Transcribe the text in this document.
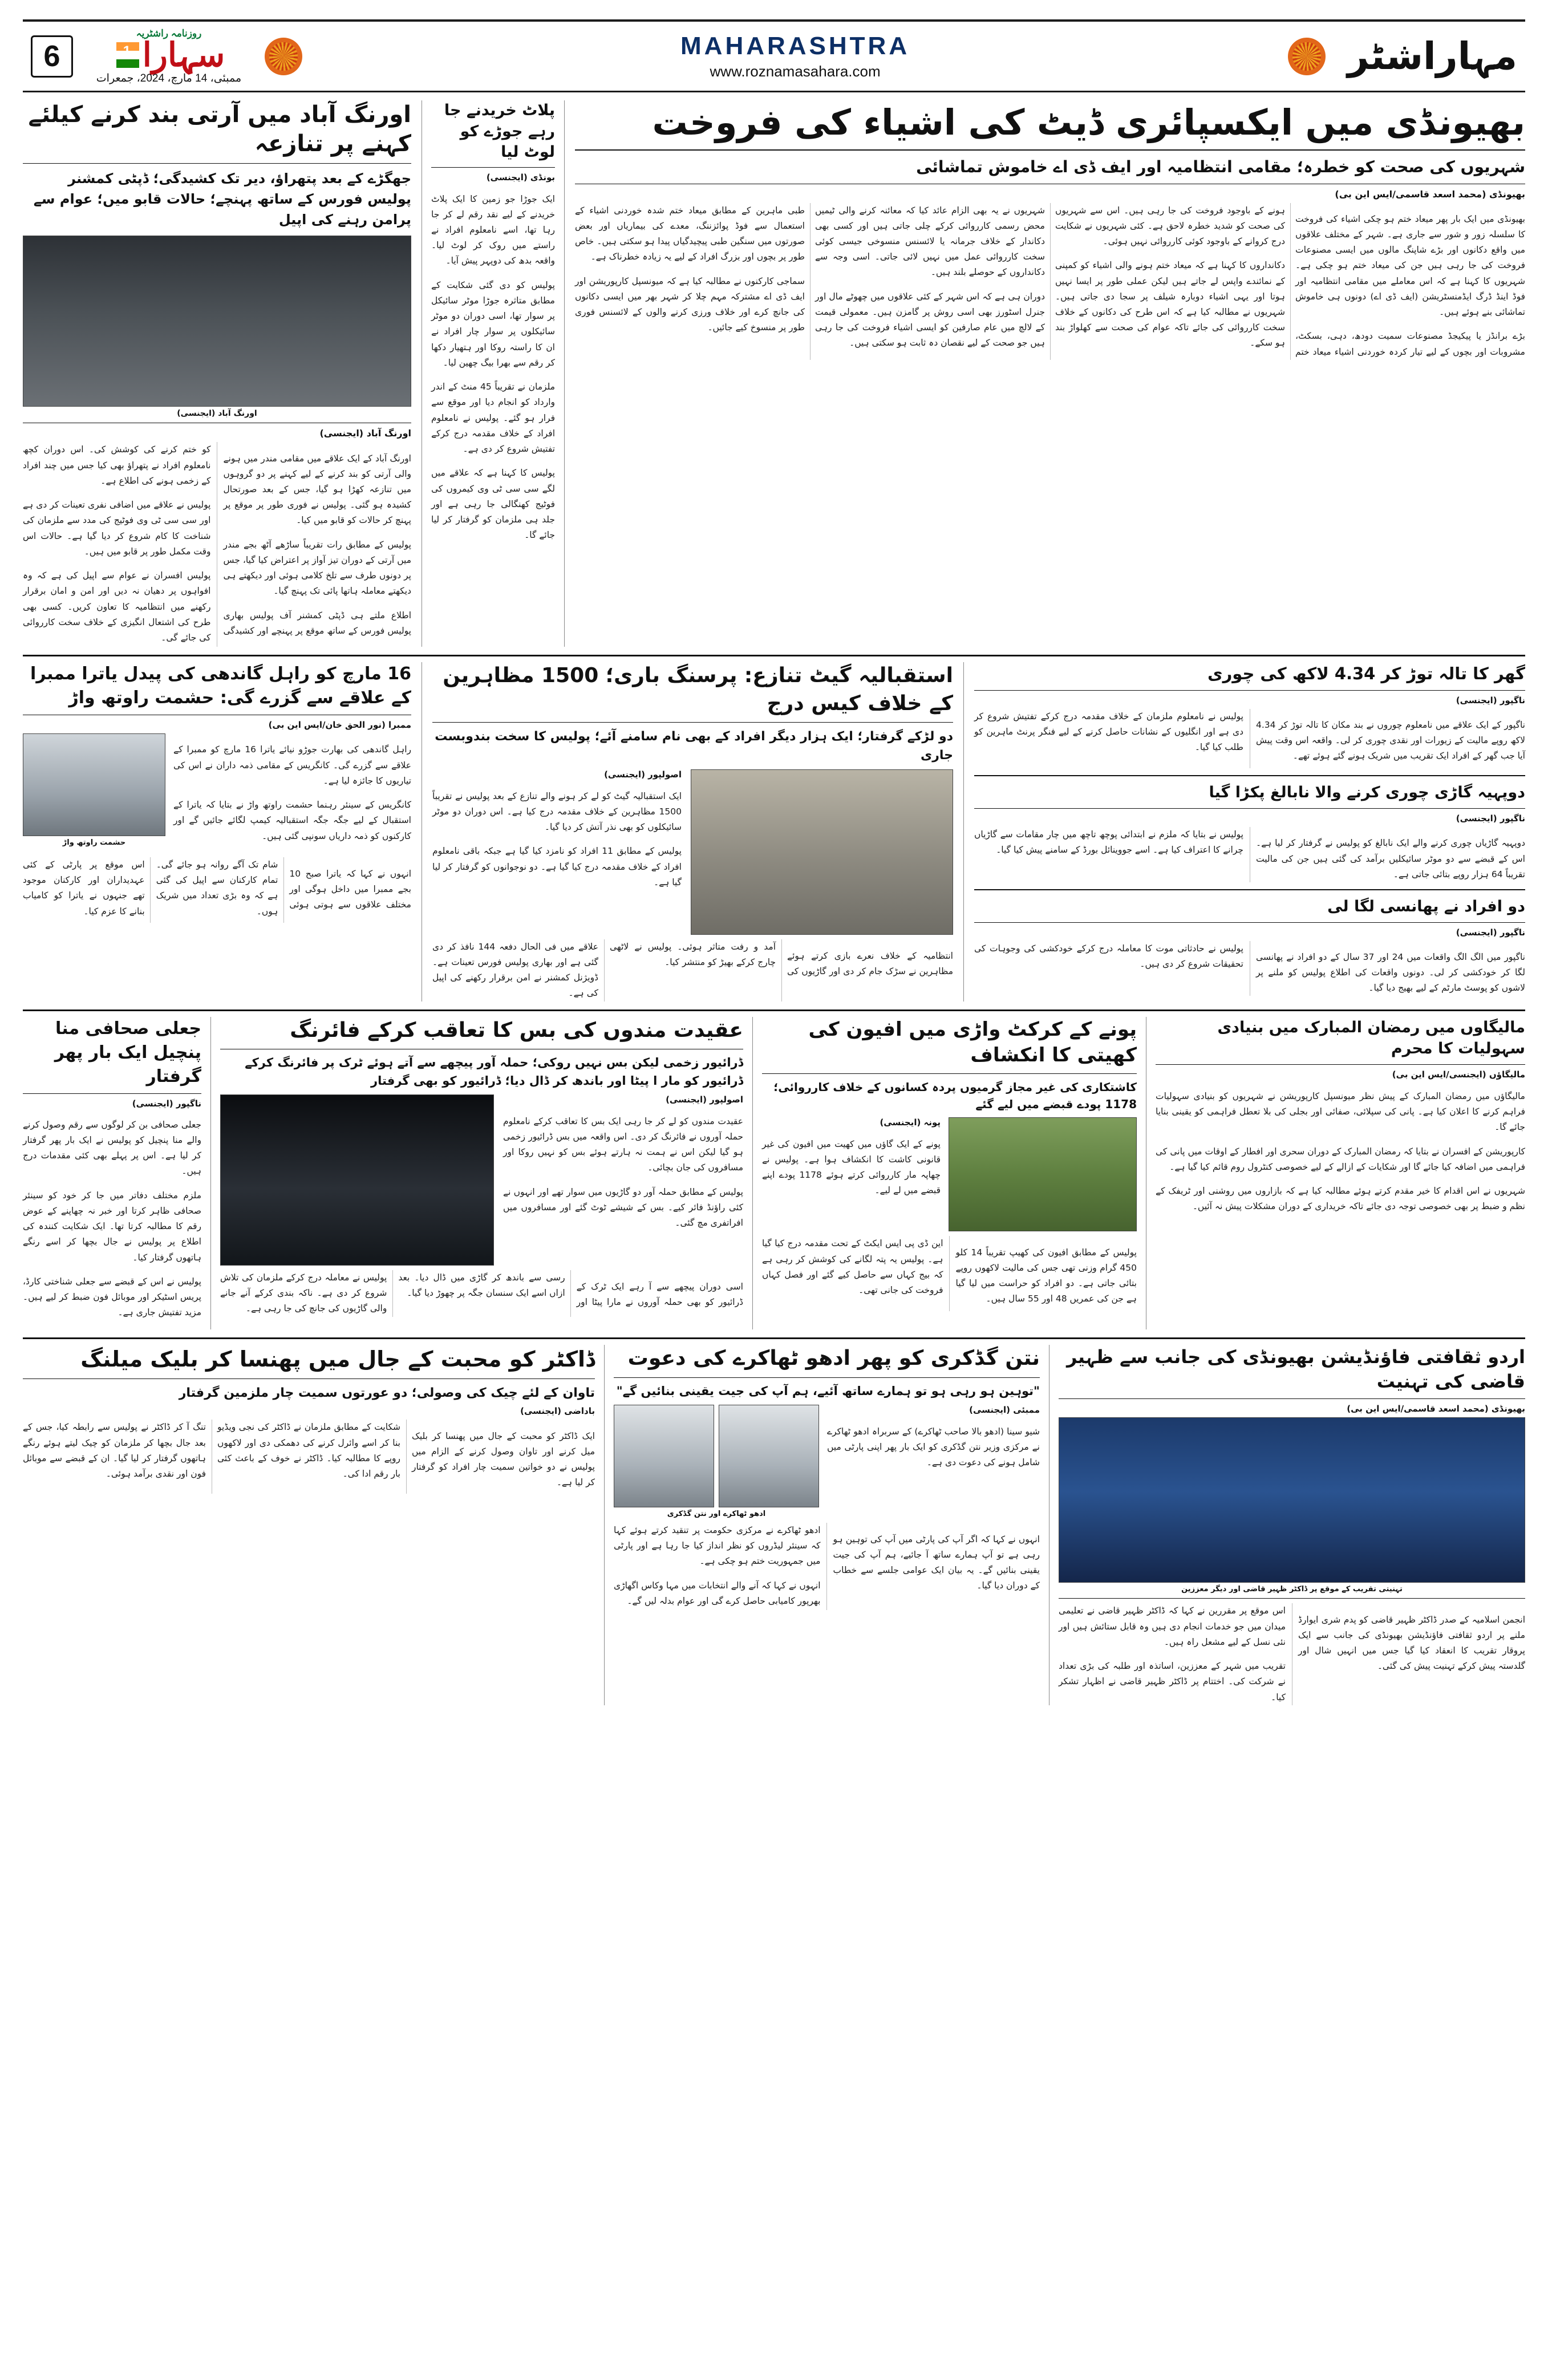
6
روزنامہ راشٹریہ
1 سہارا
ممبئی، 14 مارچ، 2024، جمعرات
MAHARASHTRA
www.roznamasahara.com	مہاراشٹر
اورنگ آباد میں آرتی بند کرنے کیلئے کہنے پر تنازعہ
جھگڑے کے بعد پتھراؤ، دیر تک کشیدگی؛ ڈپٹی کمشنر پولیس فورس کے ساتھ پہنچے؛ حالات قابو میں؛ عوام سے پرامن رہنے کی اپیل
اورنگ آباد (ایجنسی)
اورنگ آباد (ایجنسی)

اورنگ آباد کے ایک علاقے میں مقامی مندر میں ہونے والی آرتی کو بند کرنے کے لیے کہنے پر دو گروہوں میں تنازعہ کھڑا ہو گیا، جس کے بعد صورتحال کشیدہ ہو گئی۔ پولیس نے فوری طور پر موقع پر پہنچ کر حالات کو قابو میں کیا۔

پولیس کے مطابق رات تقریباً ساڑھے آٹھ بجے مندر میں آرتی کے دوران تیز آواز پر اعتراض کیا گیا، جس پر دونوں طرف سے تلخ کلامی ہوئی اور دیکھتے ہی دیکھتے معاملہ ہاتھا پائی تک پہنچ گیا۔

اطلاع ملتے ہی ڈپٹی کمشنر آف پولیس بھاری پولیس فورس کے ساتھ موقع پر پہنچے اور کشیدگی کو ختم کرنے کی کوشش کی۔ اس دوران کچھ نامعلوم افراد نے پتھراؤ بھی کیا جس میں چند افراد کے زخمی ہونے کی اطلاع ہے۔

پولیس نے علاقے میں اضافی نفری تعینات کر دی ہے اور سی سی ٹی وی فوٹیج کی مدد سے ملزمان کی شناخت کا کام شروع کر دیا گیا ہے۔ حالات اس وقت مکمل طور پر قابو میں ہیں۔

پولیس افسران نے عوام سے اپیل کی ہے کہ وہ افواہوں پر دھیان نہ دیں اور امن و امان برقرار رکھنے میں انتظامیہ کا تعاون کریں۔ کسی بھی طرح کی اشتعال انگیزی کے خلاف سخت کارروائی کی جائے گی۔

پلاٹ خریدنے جا رہے جوڑے کو لوٹ لیا
بونڈی (ایجنسی)

ایک جوڑا جو زمین کا ایک پلاٹ خریدنے کے لیے نقد رقم لے کر جا رہا تھا، اسے نامعلوم افراد نے راستے میں روک کر لوٹ لیا۔ واقعہ بدھ کی دوپہر پیش آیا۔

پولیس کو دی گئی شکایت کے مطابق متاثرہ جوڑا موٹر سائیکل پر سوار تھا، اسی دوران دو موٹر سائیکلوں پر سوار چار افراد نے ان کا راستہ روکا اور ہتھیار دکھا کر رقم سے بھرا بیگ چھین لیا۔

ملزمان نے تقریباً 45 منٹ کے اندر وارداد کو انجام دیا اور موقع سے فرار ہو گئے۔ پولیس نے نامعلوم افراد کے خلاف مقدمہ درج کرکے تفتیش شروع کر دی ہے۔

پولیس کا کہنا ہے کہ علاقے میں لگے سی سی ٹی وی کیمروں کی فوٹیج کھنگالی جا رہی ہے اور جلد ہی ملزمان کو گرفتار کر لیا جائے گا۔

بھیونڈی میں ایکسپائری ڈیٹ کی اشیاء کی فروخت
شہریوں کی صحت کو خطرہ؛ مقامی انتظامیہ اور ایف ڈی اے خاموش تماشائی
بھیونڈی (محمد اسعد قاسمی/ایس این بی)

بھیونڈی میں ایک بار پھر میعاد ختم ہو چکی اشیاء کی فروخت کا سلسلہ زور و شور سے جاری ہے۔ شہر کے مختلف علاقوں میں واقع دکانوں اور بڑے شاپنگ مالوں میں ایسی مصنوعات فروخت کی جا رہی ہیں جن کی میعاد ختم ہو چکی ہے۔ شہریوں کا کہنا ہے کہ اس معاملے میں مقامی انتظامیہ اور فوڈ اینڈ ڈرگ ایڈمنسٹریشن (ایف ڈی اے) دونوں ہی خاموش تماشائی بنے ہوئے ہیں۔

بڑے برانڈز یا پیکیجڈ مصنوعات سمیت دودھ، دہی، بسکٹ، مشروبات اور بچوں کے لیے تیار کردہ خوردنی اشیاء میعاد ختم ہونے کے باوجود فروخت کی جا رہی ہیں۔ اس سے شہریوں کی صحت کو شدید خطرہ لاحق ہے۔ کئی شہریوں نے شکایت درج کروانے کے باوجود کوئی کارروائی نہیں ہوئی۔

دکانداروں کا کہنا ہے کہ میعاد ختم ہونے والی اشیاء کو کمپنی کے نمائندے واپس لے جاتے ہیں لیکن عملی طور پر ایسا نہیں ہوتا اور یہی اشیاء دوبارہ شیلف پر سجا دی جاتی ہیں۔ شہریوں نے مطالبہ کیا ہے کہ اس طرح کی دکانوں کے خلاف سخت کارروائی کی جائے تاکہ عوام کی صحت سے کھلواڑ بند ہو سکے۔

شہریوں نے یہ بھی الزام عائد کیا کہ معائنہ کرنے والی ٹیمیں محض رسمی کارروائی کرکے چلی جاتی ہیں اور کسی بھی دکاندار کے خلاف جرمانہ یا لائسنس منسوخی جیسی کوئی سخت کارروائی عمل میں نہیں لائی جاتی۔ اسی وجہ سے دکانداروں کے حوصلے بلند ہیں۔

دوران ہی ہے کہ اس شہر کے کئی علاقوں میں چھوٹے مال اور جنرل اسٹورز بھی اسی روش پر گامزن ہیں۔ معمولی قیمت کے لالچ میں عام صارفین کو ایسی اشیاء فروخت کی جا رہی ہیں جو صحت کے لیے نقصان دہ ثابت ہو سکتی ہیں۔

طبی ماہرین کے مطابق میعاد ختم شدہ خوردنی اشیاء کے استعمال سے فوڈ پوائزننگ، معدے کی بیماریاں اور بعض صورتوں میں سنگین طبی پیچیدگیاں پیدا ہو سکتی ہیں۔ خاص طور پر بچوں اور بزرگ افراد کے لیے یہ زیادہ خطرناک ہے۔

سماجی کارکنوں نے مطالبہ کیا ہے کہ میونسپل کارپوریشن اور ایف ڈی اے مشترکہ مہم چلا کر شہر بھر میں ایسی دکانوں کی جانچ کرے اور خلاف ورزی کرنے والوں کے لائسنس فوری طور پر منسوخ کیے جائیں۔

16 مارچ کو راہل گاندھی کی پیدل یاترا ممبرا کے علاقے سے گزرے گی: حشمت راوتھ واڑ
ممبرا (نور الحق خان/ایس این بی)
حشمت راوتھ واڑ

راہل گاندھی کی بھارت جوڑو نیائے یاترا 16 مارچ کو ممبرا کے علاقے سے گزرے گی۔ کانگریس کے مقامی ذمہ داران نے اس کی تیاریوں کا جائزہ لیا ہے۔

کانگریس کے سینئر رہنما حشمت راوتھ واڑ نے بتایا کہ یاترا کے استقبال کے لیے جگہ جگہ استقبالیہ کیمپ لگائے جائیں گے اور کارکنوں کو ذمہ داریاں سونپی گئی ہیں۔

انہوں نے کہا کہ یاترا صبح 10 بجے ممبرا میں داخل ہوگی اور مختلف علاقوں سے ہوتی ہوئی شام تک آگے روانہ ہو جائے گی۔ تمام کارکنان سے اپیل کی گئی ہے کہ وہ بڑی تعداد میں شریک ہوں۔

اس موقع پر پارٹی کے کئی عہدیداران اور کارکنان موجود تھے جنہوں نے یاترا کو کامیاب بنانے کا عزم کیا۔

استقبالیہ گیٹ تنازع: پرسنگ باری؛ 1500 مظاہرین کے خلاف کیس درج
دو لڑکے گرفتار؛ ایک ہزار دیگر افراد کے بھی نام سامنے آئے؛ پولیس کا سخت بندوبست جاری
اصولپور (ایجنسی)

ایک استقبالیہ گیٹ کو لے کر ہونے والے تنازع کے بعد پولیس نے تقریباً 1500 مظاہرین کے خلاف مقدمہ درج کیا ہے۔ اس دوران دو موٹر سائیکلوں کو بھی نذر آتش کر دیا گیا۔

پولیس کے مطابق 11 افراد کو نامزد کیا گیا ہے جبکہ باقی نامعلوم افراد کے خلاف مقدمہ درج کیا گیا ہے۔ دو نوجوانوں کو گرفتار کر لیا گیا ہے۔

انتظامیہ کے خلاف نعرے بازی کرتے ہوئے مظاہرین نے سڑک جام کر دی اور گاڑیوں کی آمد و رفت متاثر ہوئی۔ پولیس نے لاٹھی چارج کرکے بھیڑ کو منتشر کیا۔

علاقے میں فی الحال دفعہ 144 نافذ کر دی گئی ہے اور بھاری پولیس فورس تعینات ہے۔ ڈویژنل کمشنر نے امن برقرار رکھنے کی اپیل کی ہے۔

گھر کا تالہ توڑ کر 4.34 لاکھ کی چوری
ناگپور (ایجنسی)

ناگپور کے ایک علاقے میں نامعلوم چوروں نے بند مکان کا تالہ توڑ کر 4.34 لاکھ روپے مالیت کے زیورات اور نقدی چوری کر لی۔ واقعہ اس وقت پیش آیا جب گھر کے افراد ایک تقریب میں شریک ہونے گئے ہوئے تھے۔

پولیس نے نامعلوم ملزمان کے خلاف مقدمہ درج کرکے تفتیش شروع کر دی ہے اور انگلیوں کے نشانات حاصل کرنے کے لیے فنگر پرنٹ ماہرین کو طلب کیا گیا۔

دوپہیہ گاڑی چوری کرنے والا نابالغ پکڑا گیا
ناگپور (ایجنسی)

دوپہیہ گاڑیاں چوری کرنے والے ایک نابالغ کو پولیس نے گرفتار کر لیا ہے۔ اس کے قبضے سے دو موٹر سائیکلیں برآمد کی گئی ہیں جن کی مالیت تقریباً 64 ہزار روپے بتائی جاتی ہے۔

پولیس نے بتایا کہ ملزم نے ابتدائی پوچھ تاچھ میں چار مقامات سے گاڑیاں چرانے کا اعتراف کیا ہے۔ اسے جووینائل بورڈ کے سامنے پیش کیا گیا۔

دو افراد نے پھانسی لگا لی
ناگپور (ایجنسی)

ناگپور میں الگ الگ واقعات میں 24 اور 37 سال کے دو افراد نے پھانسی لگا کر خودکشی کر لی۔ دونوں واقعات کی اطلاع پولیس کو ملنے پر لاشوں کو پوسٹ مارٹم کے لیے بھیج دیا گیا۔

پولیس نے حادثاتی موت کا معاملہ درج کرکے خودکشی کی وجوہات کی تحقیقات شروع کر دی ہیں۔

جعلی صحافی منا پنچیل ایک بار پھر گرفتار
ناگپور (ایجنسی)

جعلی صحافی بن کر لوگوں سے رقم وصول کرنے والے منا پنچیل کو پولیس نے ایک بار پھر گرفتار کر لیا ہے۔ اس پر پہلے بھی کئی مقدمات درج ہیں۔

ملزم مختلف دفاتر میں جا کر خود کو سینئر صحافی ظاہر کرتا اور خبر نہ چھاپنے کے عوض رقم کا مطالبہ کرتا تھا۔ ایک شکایت کنندہ کی اطلاع پر پولیس نے جال بچھا کر اسے رنگے ہاتھوں گرفتار کیا۔

پولیس نے اس کے قبضے سے جعلی شناختی کارڈ، پریس اسٹیکر اور موبائل فون ضبط کر لیے ہیں۔ مزید تفتیش جاری ہے۔

عقیدت مندوں کی بس کا تعاقب کرکے فائرنگ
ڈرائیور زخمی لیکن بس نہیں روکی؛ حملہ آور پیچھے سے آتے ہوئے ٹرک پر فائرنگ کرکے ڈرائیور کو مار ا پیٹا اور باندھ کر ڈال دیا؛ ڈرائیور کو بھی گرفتار
اصولپور (ایجنسی)

عقیدت مندوں کو لے کر جا رہی ایک بس کا تعاقب کرکے نامعلوم حملہ آوروں نے فائرنگ کر دی۔ اس واقعہ میں بس ڈرائیور زخمی ہو گیا لیکن اس نے ہمت نہ ہارتے ہوئے بس کو نہیں روکا اور مسافروں کی جان بچائی۔

پولیس کے مطابق حملہ آور دو گاڑیوں میں سوار تھے اور انہوں نے کئی راؤنڈ فائر کیے۔ بس کے شیشے ٹوٹ گئے اور مسافروں میں افراتفری مچ گئی۔

اسی دوران پیچھے سے آ رہے ایک ٹرک کے ڈرائیور کو بھی حملہ آوروں نے مارا پیٹا اور رسی سے باندھ کر گاڑی میں ڈال دیا۔ بعد ازاں اسے ایک سنسان جگہ پر چھوڑ دیا گیا۔

پولیس نے معاملہ درج کرکے ملزمان کی تلاش شروع کر دی ہے۔ ناکہ بندی کرکے آنے جانے والی گاڑیوں کی جانچ کی جا رہی ہے۔

پونے کے کرکٹ واڑی میں افیون کی کھیتی کا انکشاف
کاشتکاری کی غیر مجاز گرمیوں پردہ کسانوں کے خلاف کارروائی؛ 1178 پودے قبضے میں لیے گئے
پونہ (ایجنسی)

پونے کے ایک گاؤں میں کھیت میں افیون کی غیر قانونی کاشت کا انکشاف ہوا ہے۔ پولیس نے چھاپہ مار کارروائی کرتے ہوئے 1178 پودے اپنے قبضے میں لے لیے۔

پولیس کے مطابق افیون کی کھیپ تقریباً 14 کلو 450 گرام وزنی تھی جس کی مالیت لاکھوں روپے بتائی جاتی ہے۔ دو افراد کو حراست میں لیا گیا ہے جن کی عمریں 48 اور 55 سال ہیں۔

این ڈی پی ایس ایکٹ کے تحت مقدمہ درج کیا گیا ہے۔ پولیس یہ پتہ لگانے کی کوشش کر رہی ہے کہ بیج کہاں سے حاصل کیے گئے اور فصل کہاں فروخت کی جانی تھی۔

مالیگاوں میں رمضان المبارک میں بنیادی سہولیات کا محرم
مالیگاؤں (ایجنسی/ایس این بی)

مالیگاؤں میں رمضان المبارک کے پیش نظر میونسپل کارپوریشن نے شہریوں کو بنیادی سہولیات فراہم کرنے کا اعلان کیا ہے۔ پانی کی سپلائی، صفائی اور بجلی کی بلا تعطل فراہمی کو یقینی بنایا جائے گا۔

کارپوریشن کے افسران نے بتایا کہ رمضان المبارک کے دوران سحری اور افطار کے اوقات میں پانی کی فراہمی میں اضافہ کیا جائے گا اور شکایات کے ازالے کے لیے خصوصی کنٹرول روم قائم کیا گیا ہے۔

شہریوں نے اس اقدام کا خیر مقدم کرتے ہوئے مطالبہ کیا ہے کہ بازاروں میں روشنی اور ٹریفک کے نظم و ضبط پر بھی خصوصی توجہ دی جائے تاکہ خریداری کے دوران مشکلات پیش نہ آئیں۔

ڈاکٹر کو محبت کے جال میں پھنسا کر بلیک میلنگ
تاوان کے لئے چیک کی وصولی؛ دو عورتوں سمیت چار ملزمین گرفتار
باداضی (ایجنسی)

ایک ڈاکٹر کو محبت کے جال میں پھنسا کر بلیک میل کرنے اور تاوان وصول کرنے کے الزام میں پولیس نے دو خواتین سمیت چار افراد کو گرفتار کر لیا ہے۔

شکایت کے مطابق ملزمان نے ڈاکٹر کی نجی ویڈیو بنا کر اسے وائرل کرنے کی دھمکی دی اور لاکھوں روپے کا مطالبہ کیا۔ ڈاکٹر نے خوف کے باعث کئی بار رقم ادا کی۔

تنگ آ کر ڈاکٹر نے پولیس سے رابطہ کیا، جس کے بعد جال بچھا کر ملزمان کو چیک لیتے ہوئے رنگے ہاتھوں گرفتار کر لیا گیا۔ ان کے قبضے سے موبائل فون اور نقدی برآمد ہوئی۔

نتن گڈکری کو پھر ادھو ٹھاکرے کی دعوت
"توہین ہو رہی ہو تو ہمارے ساتھ آئیے، ہم آپ کی جیت یقینی بنائیں گے"
ادھو ٹھاکرے اور نتن گڈکری
ممبئی (ایجنسی)

شیو سینا (ادھو بالا صاحب ٹھاکرے) کے سربراہ ادھو ٹھاکرے نے مرکزی وزیر نتن گڈکری کو ایک بار پھر اپنی پارٹی میں شامل ہونے کی دعوت دی ہے۔

انہوں نے کہا کہ اگر آپ کی پارٹی میں آپ کی توہین ہو رہی ہے تو آپ ہمارے ساتھ آ جائیے، ہم آپ کی جیت یقینی بنائیں گے۔ یہ بیان ایک عوامی جلسے سے خطاب کے دوران دیا گیا۔

ادھو ٹھاکرے نے مرکزی حکومت پر تنقید کرتے ہوئے کہا کہ سینئر لیڈروں کو نظر انداز کیا جا رہا ہے اور پارٹی میں جمہوریت ختم ہو چکی ہے۔

انہوں نے کہا کہ آنے والے انتخابات میں مہا وکاس اگھاڑی بھرپور کامیابی حاصل کرے گی اور عوام بدلہ لیں گے۔

اردو ثقافتی فاؤنڈیشن بھیونڈی کی جانب سے ظہیر قاضی کی تہنیت
بھیونڈی (محمد اسعد قاسمی/ایس این بی)
تہنیتی تقریب کے موقع پر ڈاکٹر ظہیر قاضی اور دیگر معززین

انجمن اسلامیہ کے صدر ڈاکٹر ظہیر قاضی کو پدم شری ایوارڈ ملنے پر اردو ثقافتی فاؤنڈیشن بھیونڈی کی جانب سے ایک پروقار تقریب کا انعقاد کیا گیا جس میں انہیں شال اور گلدستہ پیش کرکے تہنیت پیش کی گئی۔

اس موقع پر مقررین نے کہا کہ ڈاکٹر ظہیر قاضی نے تعلیمی میدان میں جو خدمات انجام دی ہیں وہ قابل ستائش ہیں اور نئی نسل کے لیے مشعل راہ ہیں۔

تقریب میں شہر کے معززین، اساتذہ اور طلبہ کی بڑی تعداد نے شرکت کی۔ اختتام پر ڈاکٹر ظہیر قاضی نے اظہار تشکر کیا۔
